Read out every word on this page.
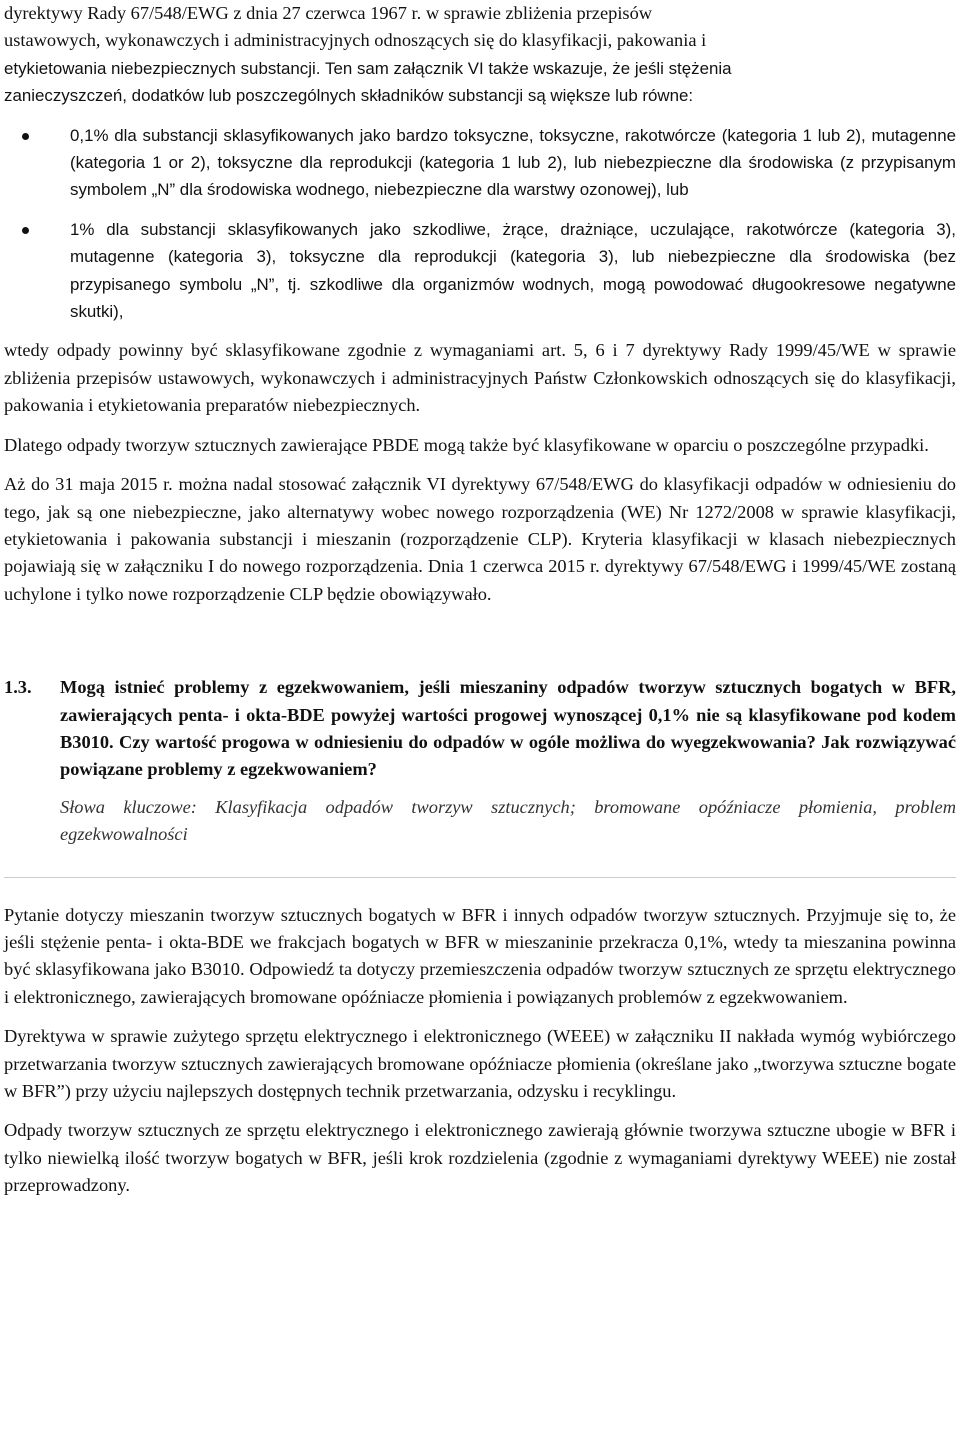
dyrektywy Rady 67/548/EWG z dnia 27 czerwca 1967 r. w sprawie zbliżenia przepisów
ustawowych, wykonawczych i administracyjnych odnoszących się do klasyfikacji, pakowania i
etykietowania niebezpiecznych substancji. Ten sam załącznik VI także wskazuje, że jeśli stężenia
zanieczyszczeń, dodatków lub poszczególnych składników substancji są większe lub równe:

0,1% dla substancji sklasyfikowanych jako bardzo toksyczne, toksyczne, rakotwórcze (kategoria 1 lub 2), mutagenne (kategoria 1 or 2), toksyczne dla reprodukcji (kategoria 1 lub 2), lub niebezpieczne dla środowiska (z przypisanym symbolem „N” dla środowiska wodnego, niebezpieczne dla warstwy ozonowej), lub
1% dla substancji sklasyfikowanych jako szkodliwe, żrące, drażniące, uczulające, rakotwórcze (kategoria 3), mutagenne (kategoria 3), toksyczne dla reprodukcji (kategoria 3), lub niebezpieczne dla środowiska (bez przypisanego symbolu „N”, tj. szkodliwe dla organizmów wodnych, mogą powodować długookresowe negatywne skutki),

wtedy odpady powinny być sklasyfikowane zgodnie z wymaganiami art. 5, 6 i 7 dyrektywy Rady 1999/45/WE w sprawie zbliżenia przepisów ustawowych, wykonawczych i administracyjnych Państw Członkowskich odnoszących się do klasyfikacji, pakowania i etykietowania preparatów niebezpiecznych.

Dlatego odpady tworzyw sztucznych zawierające PBDE mogą także być klasyfikowane w oparciu o poszczególne przypadki.

Aż do 31 maja 2015 r. można nadal stosować załącznik VI dyrektywy 67/548/EWG do klasyfikacji odpadów w odniesieniu do tego, jak są one niebezpieczne, jako alternatywy wobec nowego rozporządzenia (WE) Nr 1272/2008 w sprawie klasyfikacji, etykietowania i pakowania substancji i mieszanin (rozporządzenie CLP). Kryteria klasyfikacji w klasach niebezpiecznych pojawiają się w załączniku I do nowego rozporządzenia. Dnia 1 czerwca 2015 r. dyrektywy 67/548/EWG i 1999/45/WE zostaną uchylone i tylko nowe rozporządzenie CLP będzie obowiązywało.

1.3. Mogą istnieć problemy z egzekwowaniem, jeśli mieszaniny odpadów tworzyw sztucznych bogatych w BFR, zawierających penta- i okta-BDE powyżej wartości progowej wynoszącej 0,1% nie są klasyfikowane pod kodem B3010. Czy wartość progowa w odniesieniu do odpadów w ogóle możliwa do wyegzekwowania? Jak rozwiązywać powiązane problemy z egzekwowaniem?

Słowa kluczowe: Klasyfikacja odpadów tworzyw sztucznych; bromowane opóźniacze płomienia, problem egzekwowalności

Pytanie dotyczy mieszanin tworzyw sztucznych bogatych w BFR i innych odpadów tworzyw sztucznych. Przyjmuje się to, że jeśli stężenie penta- i okta-BDE we frakcjach bogatych w BFR w mieszaninie przekracza 0,1%, wtedy ta mieszanina powinna być sklasyfikowana jako B3010. Odpowiedź ta dotyczy przemieszczenia odpadów tworzyw sztucznych ze sprzętu elektrycznego i elektronicznego, zawierających bromowane opóźniacze płomienia i powiązanych problemów z egzekwowaniem.

Dyrektywa w sprawie zużytego sprzętu elektrycznego i elektronicznego (WEEE) w załączniku II nakłada wymóg wybiórczego przetwarzania tworzyw sztucznych zawierających bromowane opóźniacze płomienia (określane jako „tworzywa sztuczne bogate w BFR”) przy użyciu najlepszych dostępnych technik przetwarzania, odzysku i recyklingu.

Odpady tworzyw sztucznych ze sprzętu elektrycznego i elektronicznego zawierają głównie tworzywa sztuczne ubogie w BFR i tylko niewielką ilość tworzyw bogatych w BFR, jeśli krok rozdzielenia (zgodnie z wymaganiami dyrektywy WEEE) nie został przeprowadzony.
